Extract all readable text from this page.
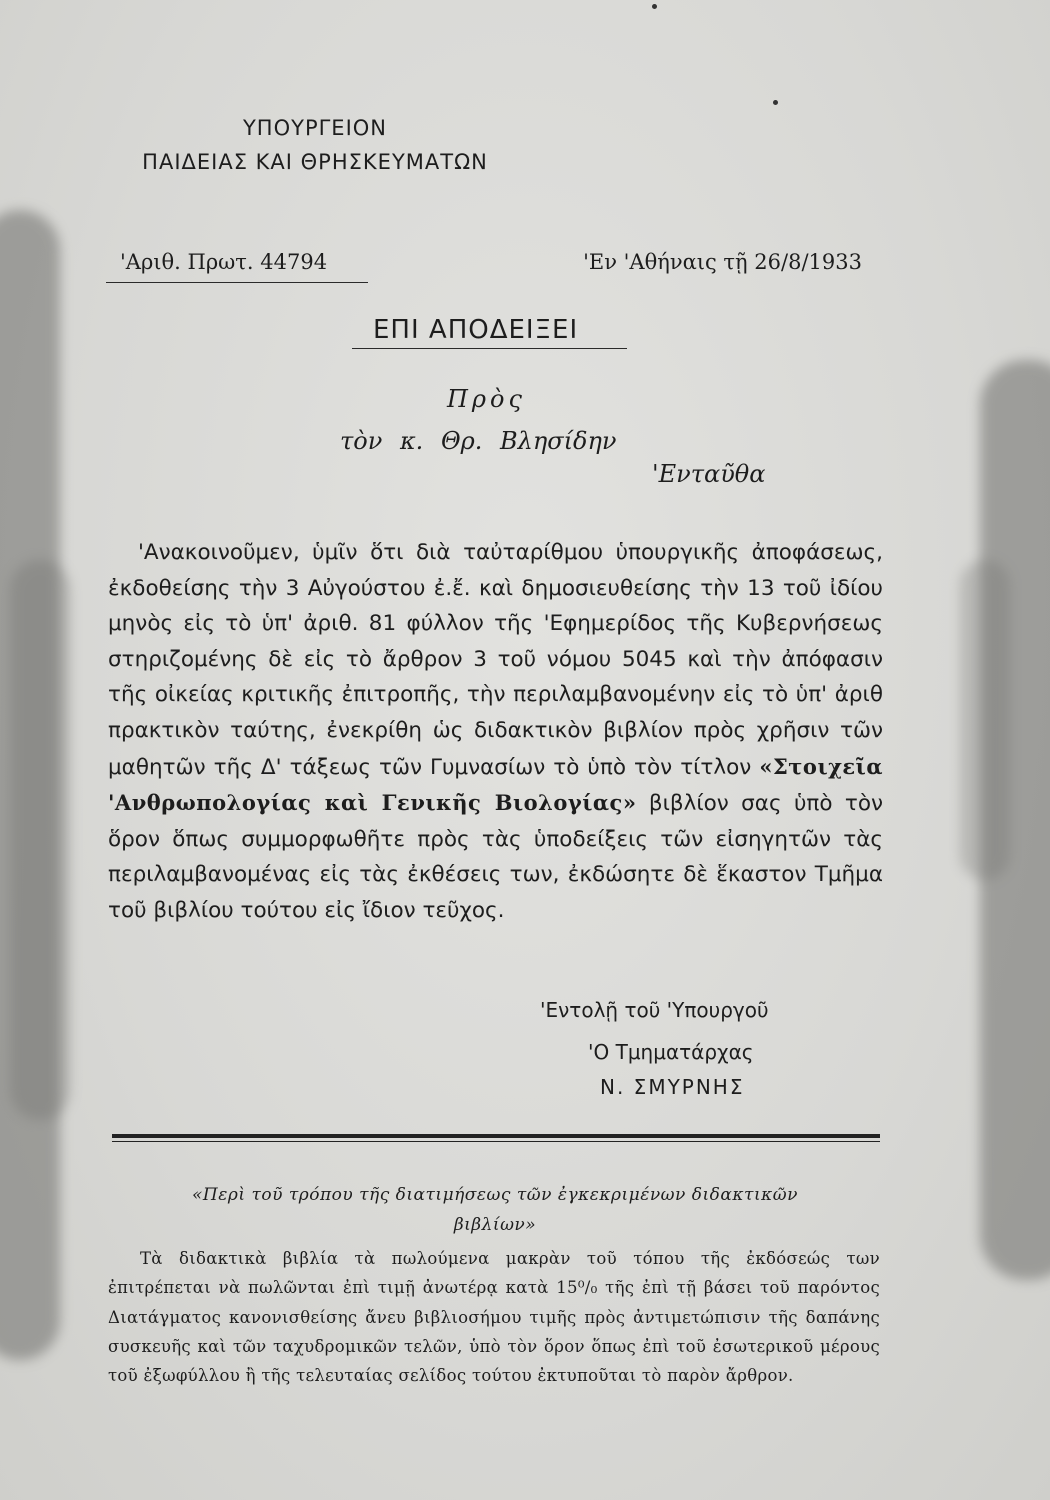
ΥΠΟΥΡΓΕΙΟΝ
ΠΑΙΔΕΙΑΣ ΚΑΙ ΘΡΗΣΚΕΥΜΑΤΩΝ
'Αριθ. Πρωτ. 44794	'Εν 'Αθήναις τῇ 26/8/1933
ΕΠΙ ΑΠΟΔΕΙΞΕΙ
Πρὸς
τὸν κ. Θρ. Βλησίδην
'Ενταῦθα

'Ανακοινοῦμεν, ὑμῖν ὅτι διὰ ταὐταρίθμου ὑπουργικῆς ἀποφάσεως, ἐκδοθείσης τὴν 3 Αὐγούστου ἐ.ἔ. καὶ δημοσιευθείσης τὴν 13 τοῦ ἰδίου μηνὸς εἰς τὸ ὑπ' ἀριθ. 81 φύλλον τῆς 'Εφημερίδος τῆς Κυβερνήσεως στηριζομένης δὲ εἰς τὸ ἄρθρον 3 τοῦ νόμου 5045 καὶ τὴν ἀπόφασιν τῆς οἰκείας κριτικῆς ἐπιτροπῆς, τὴν περιλαμβανομένην εἰς τὸ ὑπ' ἀριθ πρακτικὸν ταύτης, ἐνεκρίθη ὡς διδακτικὸν βιβλίον πρὸς χρῆσιν τῶν μαθητῶν τῆς Δ' τάξεως τῶν Γυμνασίων τὸ ὑπὸ τὸν τίτλον «Στοιχεῖα 'Ανθρωπολογίας καὶ Γενικῆς Βιολογίας» βιβλίον σας ὑπὸ τὸν ὅρον ὅπως συμμορφωθῆτε πρὸς τὰς ὑποδείξεις τῶν εἰσηγητῶν τὰς περιλαμβανομένας εἰς τὰς ἐκθέσεις των, ἐκδώσητε δὲ ἕκαστον Τμῆμα τοῦ βιβλίου τούτου εἰς ἴδιον τεῦχος.

'Εντολῇ τοῦ 'Υπουργοῦ
'Ο Τμηματάρχας
Ν. ΣΜΥΡΝΗΣ
«Περὶ τοῦ τρόπου τῆς διατιμήσεως τῶν ἐγκεκριμένων διδακτικῶν βιβλίων»

Τὰ διδακτικὰ βιβλία τὰ πωλούμενα μακρὰν τοῦ τόπου τῆς ἐκδόσεώς των ἐπιτρέπεται νὰ πωλῶνται ἐπὶ τιμῇ ἀνωτέρᾳ κατὰ 15⁰/₀ τῆς ἐπὶ τῇ βάσει τοῦ παρόντος Διατάγματος κανονισθείσης ἄνευ βιβλιοσήμου τιμῆς πρὸς ἀντιμετώπισιν τῆς δαπάνης συσκευῆς καὶ τῶν ταχυδρομικῶν τελῶν, ὑπὸ τὸν ὅρον ὅπως ἐπὶ τοῦ ἐσωτερικοῦ μέρους τοῦ ἐξωφύλλου ἢ τῆς τελευταίας σελίδος τούτου ἐκτυποῦται τὸ παρὸν ἄρθρον.
